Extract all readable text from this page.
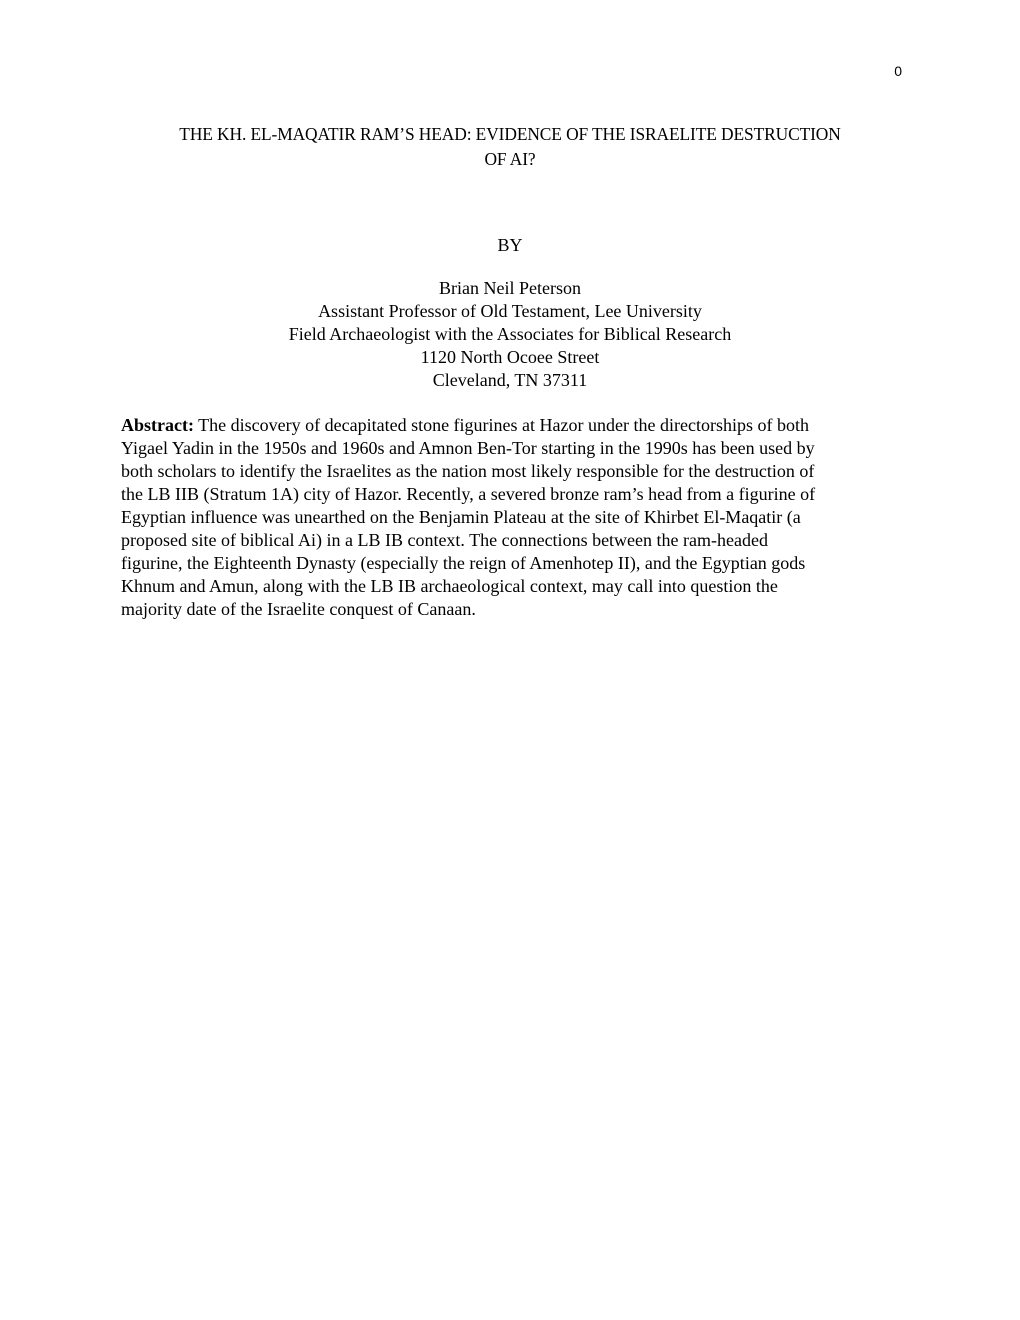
0
THE KH. EL-MAQATIR RAM’S HEAD: EVIDENCE OF THE ISRAELITE DESTRUCTION
OF AI?
BY
Brian Neil Peterson
Assistant Professor of Old Testament, Lee University
Field Archaeologist with the Associates for Biblical Research
1120 North Ocoee Street
Cleveland, TN 37311

Abstract: The discovery of decapitated stone figurines at Hazor under the directorships of both
Yigael Yadin in the 1950s and 1960s and Amnon Ben-Tor starting in the 1990s has been used by
both scholars to identify the Israelites as the nation most likely responsible for the destruction of
the LB IIB (Stratum 1A) city of Hazor. Recently, a severed bronze ram’s head from a figurine of
Egyptian influence was unearthed on the Benjamin Plateau at the site of Khirbet El-Maqatir (a
proposed site of biblical Ai) in a LB IB context. The connections between the ram-headed
figurine, the Eighteenth Dynasty (especially the reign of Amenhotep II), and the Egyptian gods
Khnum and Amun, along with the LB IB archaeological context, may call into question the
majority date of the Israelite conquest of Canaan.
